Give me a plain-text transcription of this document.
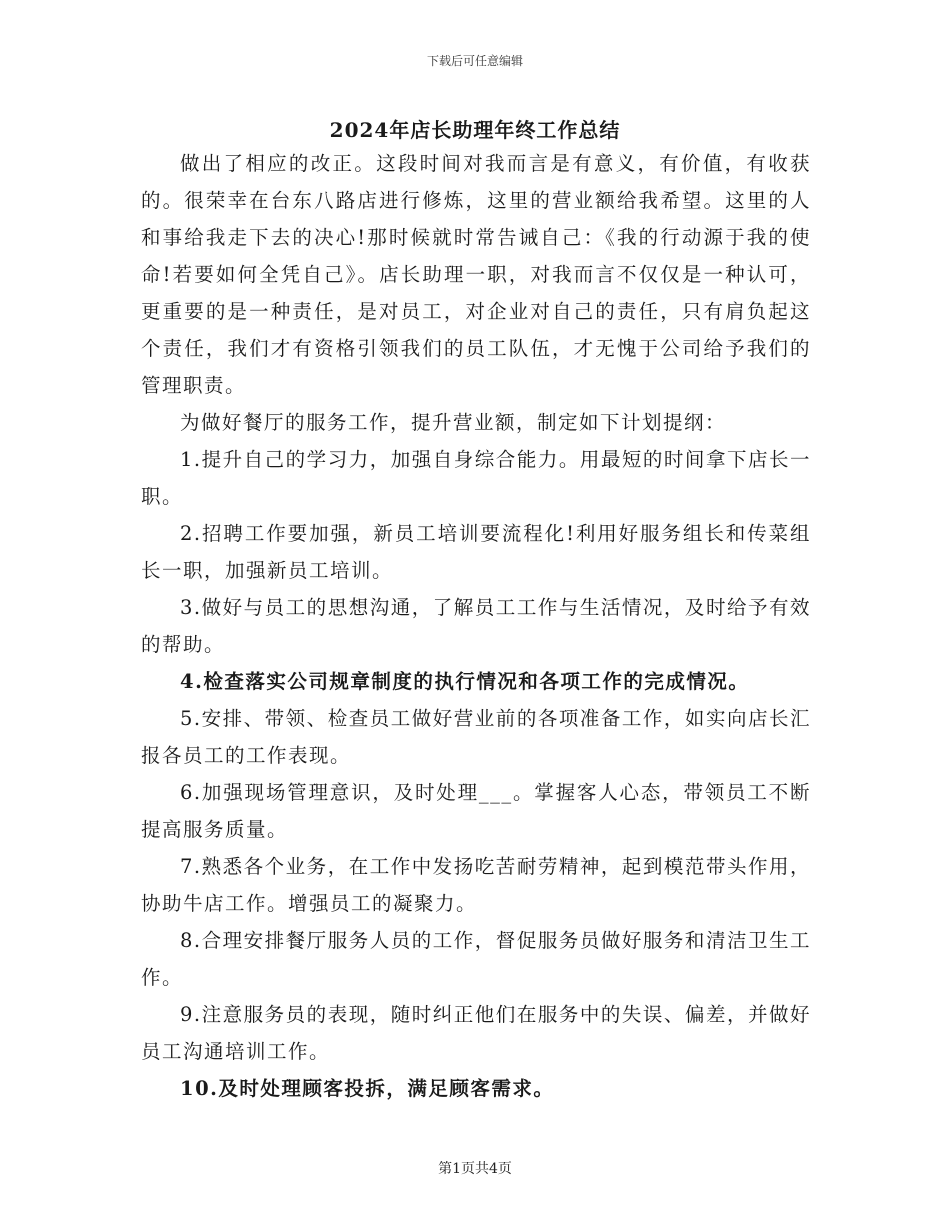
下载后可任意编辑
2024年店长助理年终工作总结

做出了相应的改正。这段时间对我而言是有意义，有价值，有收获的。很荣幸在台东八路店进行修炼，这里的营业额给我希望。这里的人和事给我走下去的决心!那时候就时常告诫自己：《我的行动源于我的使命!若要如何全凭自己》。店长助理一职，对我而言不仅仅是一种认可，更重要的是一种责任，是对员工，对企业对自己的责任，只有肩负起这个责任，我们才有资格引领我们的员工队伍，才无愧于公司给予我们的管理职责。

为做好餐厅的服务工作，提升营业额，制定如下计划提纲：

1.提升自己的学习力，加强自身综合能力。用最短的时间拿下店长一职。

2.招聘工作要加强，新员工培训要流程化!利用好服务组长和传菜组长一职，加强新员工培训。

3.做好与员工的思想沟通，了解员工工作与生活情况，及时给予有效的帮助。

4.检查落实公司规章制度的执行情况和各项工作的完成情况。

5.安排、带领、检查员工做好营业前的各项准备工作，如实向店长汇报各员工的工作表现。

6.加强现场管理意识，及时处理___。掌握客人心态，带领员工不断提高服务质量。

7.熟悉各个业务，在工作中发扬吃苦耐劳精神，起到模范带头作用，协助牛店工作。增强员工的凝聚力。

8.合理安排餐厅服务人员的工作，督促服务员做好服务和清洁卫生工作。

9.注意服务员的表现，随时纠正他们在服务中的失误、偏差，并做好员工沟通培训工作。

10.及时处理顾客投拆，满足顾客需求。

第1页共4页
